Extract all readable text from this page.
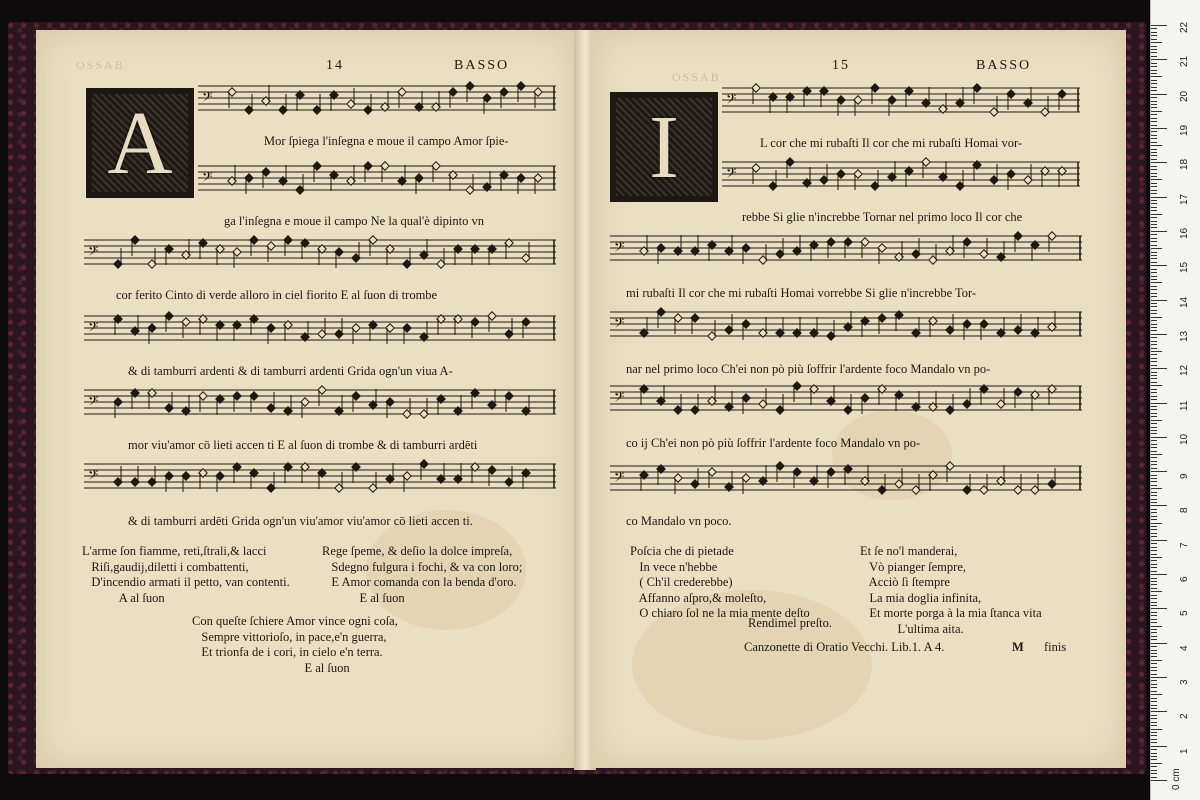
OSSAB	14	BASSO
A	𝄢
Mor ſpiega l'inſegna e moue il campo Amor ſpie-
𝄢
ga l'inſegna e moue il campo Ne la qual'è dipinto vn
𝄢
cor ferito Cinto di verde alloro in ciel fiorito E al ſuon di trombe
𝄢
& di tamburri ardenti & di tamburri ardenti Grida ogn'un viua A-
𝄢
mor viu'amor cō lieti accen ti E al ſuon di trombe & di tamburri ardēti
𝄢
& di tamburri ardēti Grida ogn'un viu'amor viu'amor cō lieti accen ti.
L'arme ſon fiamme, reti,ſtrali,& lacci
Riſi,gaudij,diletti i combattenti,
D'incendio armati il petto, van contenti.
A al ſuon
Rege ſpeme, & deſio la dolce impreſa,
Sdegno fulgura i fochi, & va con loro;
E Amor comanda con la benda d'oro.
E al ſuon
Con queſte ſchiere Amor vince ogni coſa,
Sempre vittorioſo, in pace,e'n guerra,
Et trionfa de i cori, in cielo e'n terra.
E al ſuon
OSSAB
15	BASSO
I	𝄢
L cor che mi rubaſti Il cor che mi rubaſti Homai vor-
𝄢
rebbe Si glie n'increbbe Tornar nel primo loco Il cor che
𝄢
mi rubaſti Il cor che mi rubaſti Homai vorrebbe Si glie n'increbbe Tor-
𝄢
nar nel primo loco Ch'ei non pò più ſoffrir l'ardente foco Mandalo vn po-
𝄢
co ij Ch'ei non pò più ſoffrir l'ardente foco Mandalo vn po-
𝄢
co Mandalo vn poco.
Poſcia che di pietade
In vece n'hebbe
( Ch'il crederebbe)
Affanno aſpro,& moleſto,
O chiaro ſol ne la mia mente deſto
Et ſe no'l manderai,
Vò pianger ſempre,
Acciò ſi ſtempre
La mia doglia infinita,
Et morte porga à la mia ſtanca vita
L'ultima aita.
Rendimel preſto.
Canzonette di Oratio Vecchi. Lib.1. A 4.	M finis
0 cm
1
2
3
4
5
6
7
8
9
10
11
12
13
14
15
16
17
18
19
20
21
22
